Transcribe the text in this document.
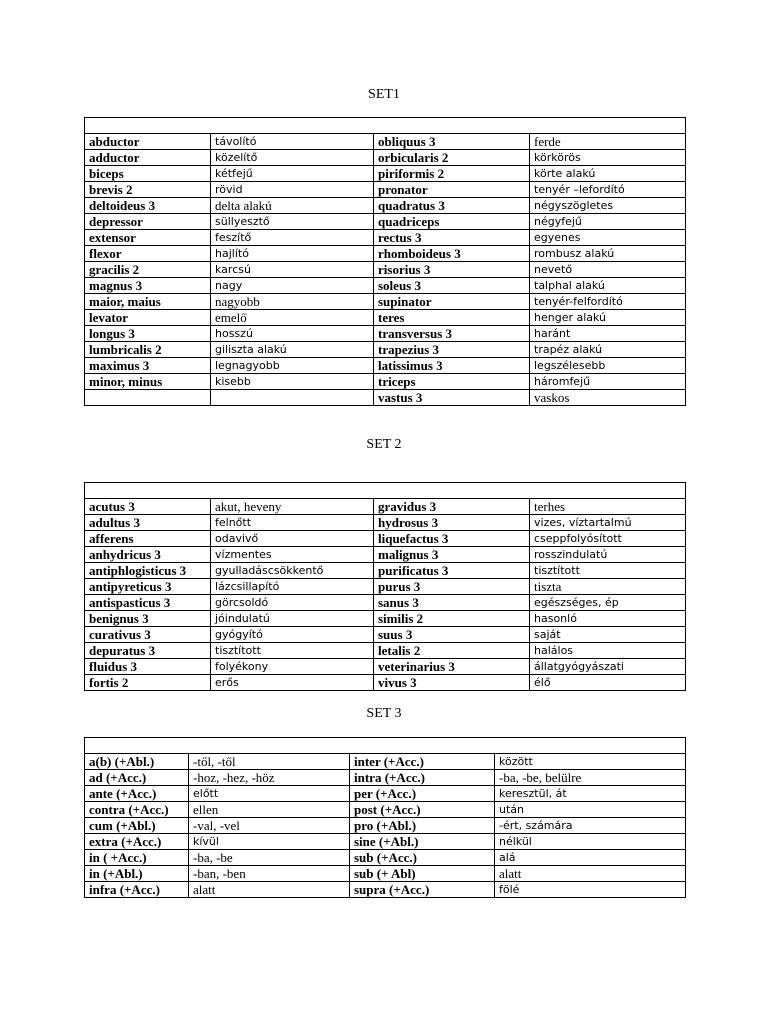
SET1

abductor	távolító	obliquus 3	ferde
adductor	közelítő	orbicularis 2	körkörös
biceps	kétfejű	piriformis 2	körte alakú
brevis 2	rövid	pronator	tenyér –lefordító
deltoideus 3	delta alakú	quadratus 3	négyszögletes
depressor	süllyesztő	quadriceps	négyfejű
extensor	feszítő	rectus 3	egyenes
flexor	hajlító	rhomboideus 3	rombusz alakú
gracilis 2	karcsú	risorius 3	nevető
magnus 3	nagy	soleus 3	talphal alakú
maior, maius	nagyobb	supinator	tenyér-felfordító
levator	emelő	teres	henger alakú
longus 3	hosszú	transversus 3	haránt
lumbricalis 2	giliszta alakú	trapezius 3	trapéz alakú
maximus 3	legnagyobb	latissimus 3	legszélesebb
minor, minus	kisebb	triceps	háromfejű
		vastus 3	vaskos
SET 2

acutus 3	akut, heveny	gravidus 3	terhes
adultus 3	felnőtt	hydrosus 3	vizes, víztartalmú
afferens	odavivő	liquefactus 3	cseppfolyósított
anhydricus 3	vízmentes	malignus 3	rosszindulatú
antiphlogisticus 3	gyulladáscsökkentő	purificatus 3	tisztított
antipyreticus 3	lázcsillapító	purus 3	tiszta
antispasticus 3	görcsoldó	sanus 3	egészséges, ép
benignus 3	jóindulatú	similis 2	hasonló
curativus 3	gyógyító	suus 3	saját
depuratus 3	tisztított	letalis 2	halálos
fluidus 3	folyékony	veterinarius 3	állatgyógyászati
fortis 2	erős	vivus 3	élő
SET 3

a(b) (+Abl.)	-től, -től	inter (+Acc.)	között
ad (+Acc.)	-hoz, -hez, -höz	intra (+Acc.)	-ba, -be, belülre
ante (+Acc.)	előtt	per (+Acc.)	keresztül, át
contra (+Acc.)	ellen	post (+Acc.)	után
cum (+Abl.)	-val, -vel	pro (+Abl.)	-ért, számára
extra (+Acc.)	kívül	sine (+Abl.)	nélkül
in ( +Acc.)	-ba, -be	sub (+Acc.)	alá
in (+Abl.)	-ban, -ben	sub (+ Abl)	alatt
infra (+Acc.)	alatt	supra (+Acc.)	fölé
